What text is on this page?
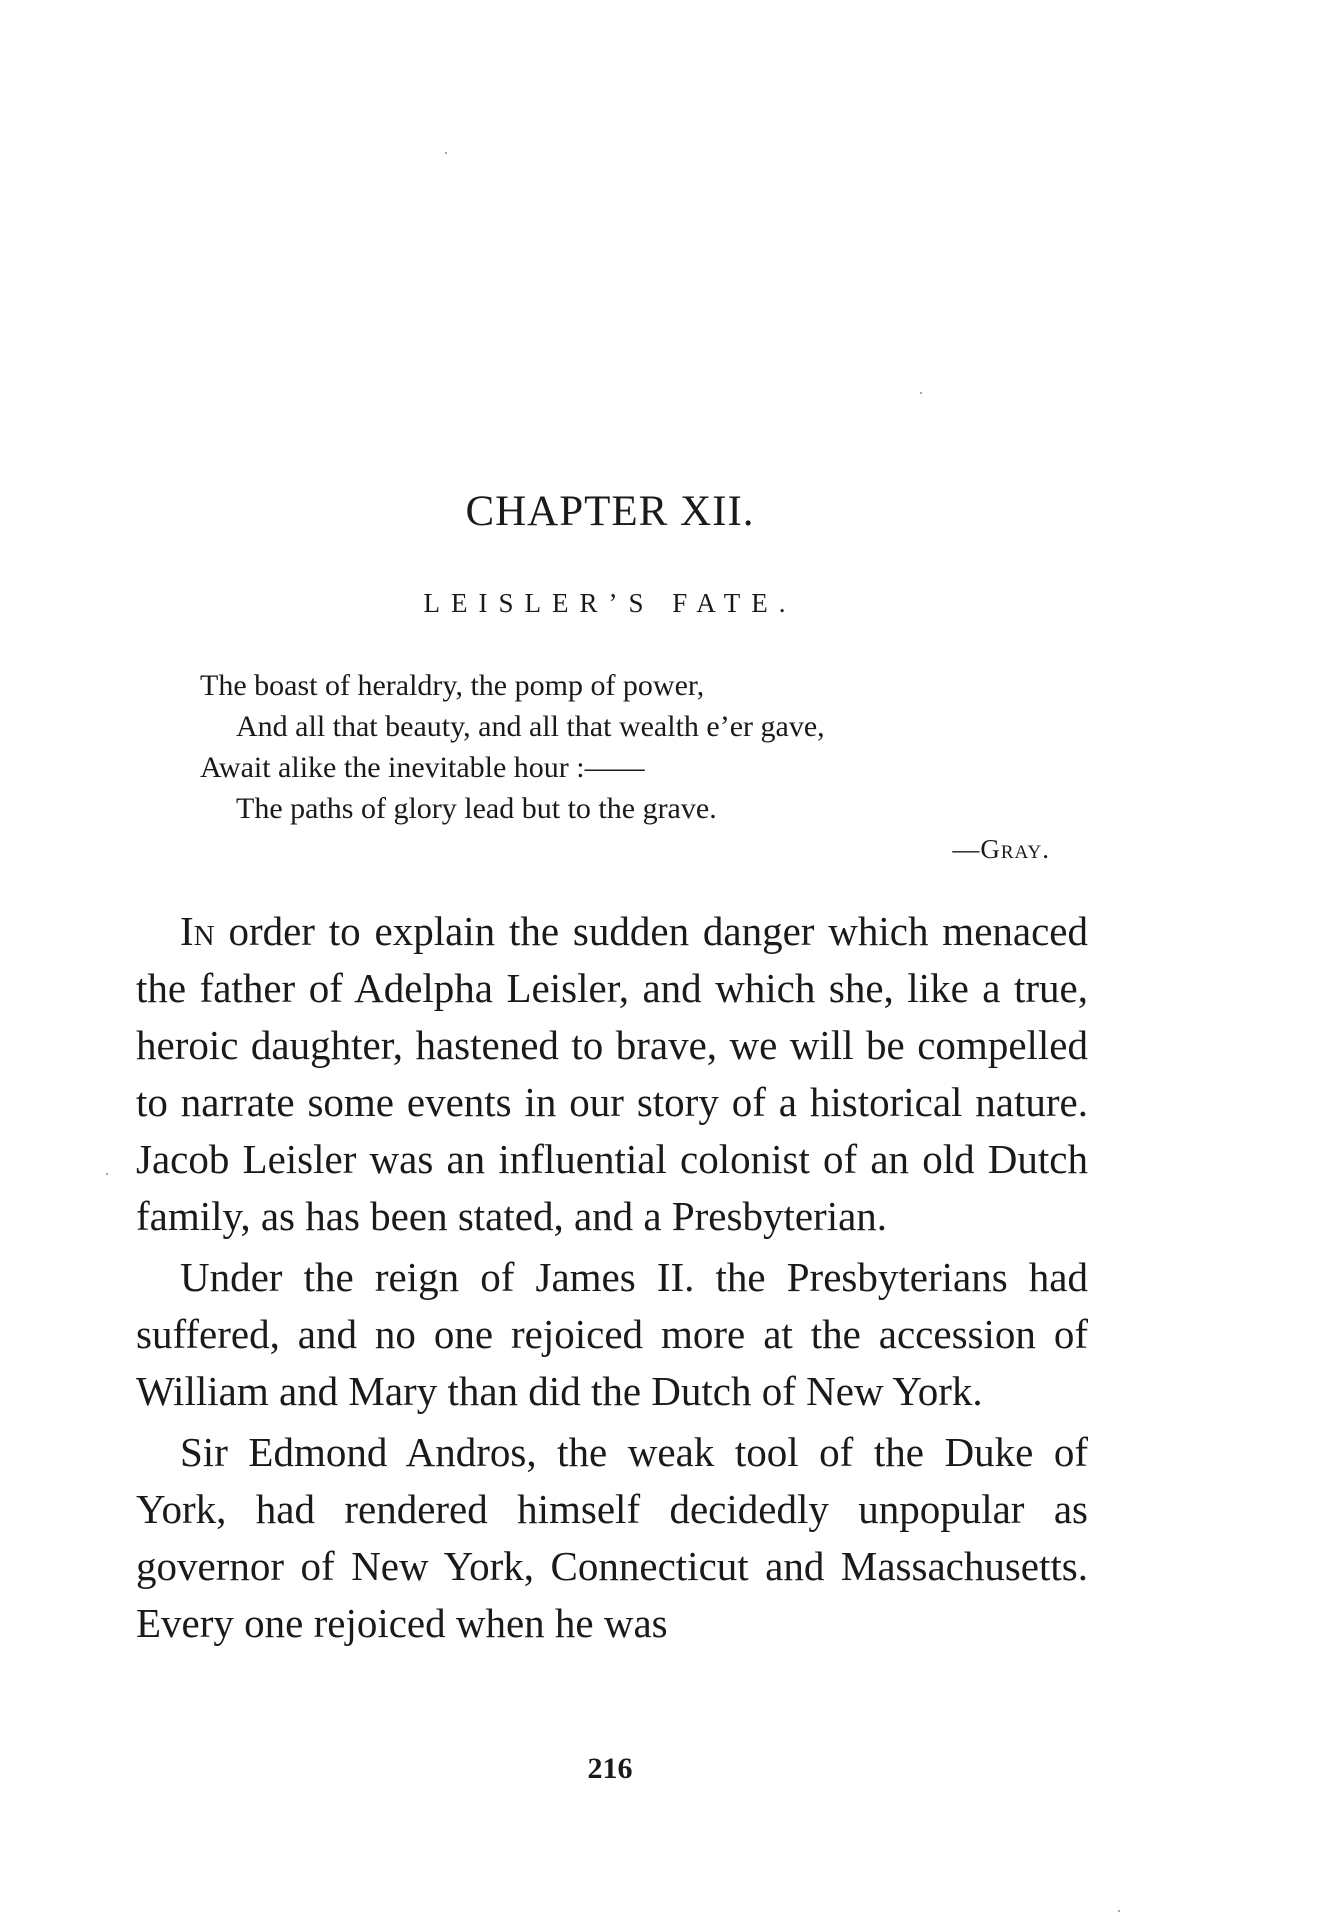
CHAPTER XII.
LEISLER’S FATE.
The boast of heraldry, the pomp of power,
And all that beauty, and all that wealth e’er gave,
Await alike the inevitable hour :——
The paths of glory lead but to the grave.
—Gray.

In order to explain the sudden danger which menaced the father of Adelpha Leisler, and which she, like a true, heroic daughter, hastened to brave, we will be compelled to narrate some events in our story of a historical nature. Jacob Leisler was an influential colonist of an old Dutch family, as has been stated, and a Presbyterian.

Under the reign of James II. the Presbyterians had suffered, and no one rejoiced more at the accession of William and Mary than did the Dutch of New York.

Sir Edmond Andros, the weak tool of the Duke of York, had rendered himself decidedly unpopular as governor of New York, Connecticut and Massachusetts. Every one rejoiced when he was

216
